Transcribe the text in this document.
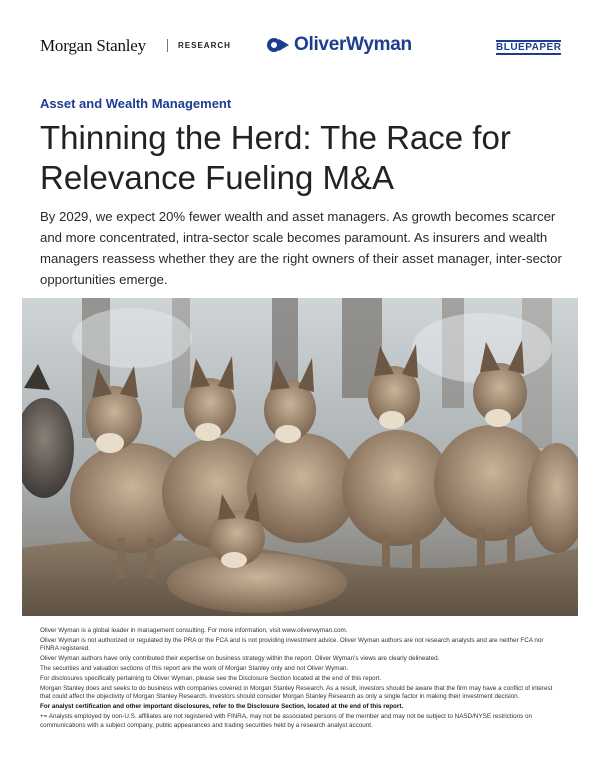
Morgan Stanley	RESEARCH	OliverWyman	BLUEPAPER
Asset and Wealth Management
Thinning the Herd: The Race for Relevance Fueling M&A

By 2029, we expect 20% fewer wealth and asset managers. As growth becomes scarcer and more concentrated, intra-sector scale becomes paramount. As insurers and wealth managers reassess whether they are the right owners of their asset manager, inter-sector opportunities emerge.

Oliver Wyman is a global leader in management consulting. For more information, visit www.oliverwyman.com.

Oliver Wyman is not authorized or regulated by the PRA or the FCA and is not providing investment advice. Oliver Wyman authors are not research analysts and are neither FCA nor FINRA registered.

Oliver Wyman authors have only contributed their expertise on business strategy within the report. Oliver Wyman's views are clearly delineated.

The securities and valuation sections of this report are the work of Morgan Stanley only and not Oliver Wyman.

For disclosures specifically pertaining to Oliver Wyman, please see the Disclosure Section located at the end of this report.

Morgan Stanley does and seeks to do business with companies covered in Morgan Stanley Research. As a result, investors should be aware that the firm may have a conflict of interest that could affect the objectivity of Morgan Stanley Research. Investors should consider Morgan Stanley Research as only a single factor in making their investment decision.

For analyst certification and other important disclosures, refer to the Disclosure Section, located at the end of this report.

+= Analysts employed by non-U.S. affiliates are not registered with FINRA, may not be associated persons of the member and may not be subject to NASD/NYSE restrictions on communications with a subject company, public appearances and trading securities held by a research analyst account.
